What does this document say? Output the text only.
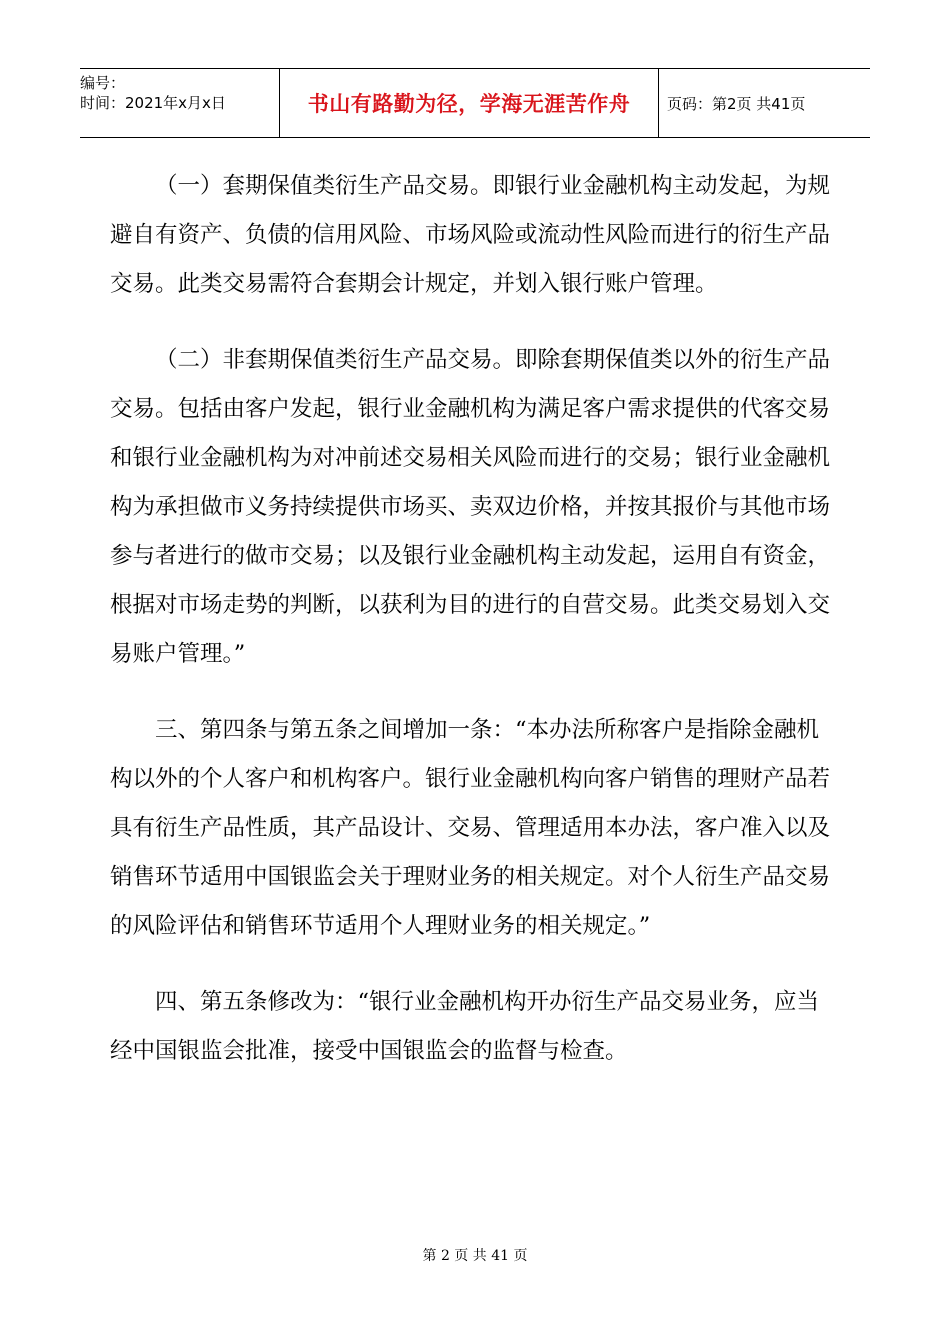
编号：
时间：2021年x月x日	书山有路勤为径，学海无涯苦作舟	页码：第2页 共41页

（一）套期保值类衍生产品交易。即银行业金融机构主动发起，为规避自有资产、负债的信用风险、市场风险或流动性风险而进行的衍生产品交易。此类交易需符合套期会计规定，并划入银行账户管理。

（二）非套期保值类衍生产品交易。即除套期保值类以外的衍生产品交易。包括由客户发起，银行业金融机构为满足客户需求提供的代客交易和银行业金融机构为对冲前述交易相关风险而进行的交易；银行业金融机构为承担做市义务持续提供市场买、卖双边价格，并按其报价与其他市场参与者进行的做市交易；以及银行业金融机构主动发起，运用自有资金，根据对市场走势的判断，以获利为目的进行的自营交易。此类交易划入交易账户管理。”

三、第四条与第五条之间增加一条：“本办法所称客户是指除金融机构以外的个人客户和机构客户。银行业金融机构向客户销售的理财产品若具有衍生产品性质，其产品设计、交易、管理适用本办法，客户准入以及销售环节适用中国银监会关于理财业务的相关规定。对个人衍生产品交易的风险评估和销售环节适用个人理财业务的相关规定。”

四、第五条修改为：“银行业金融机构开办衍生产品交易业务，应当经中国银监会批准，接受中国银监会的监督与检查。

第 2 页 共 41 页
